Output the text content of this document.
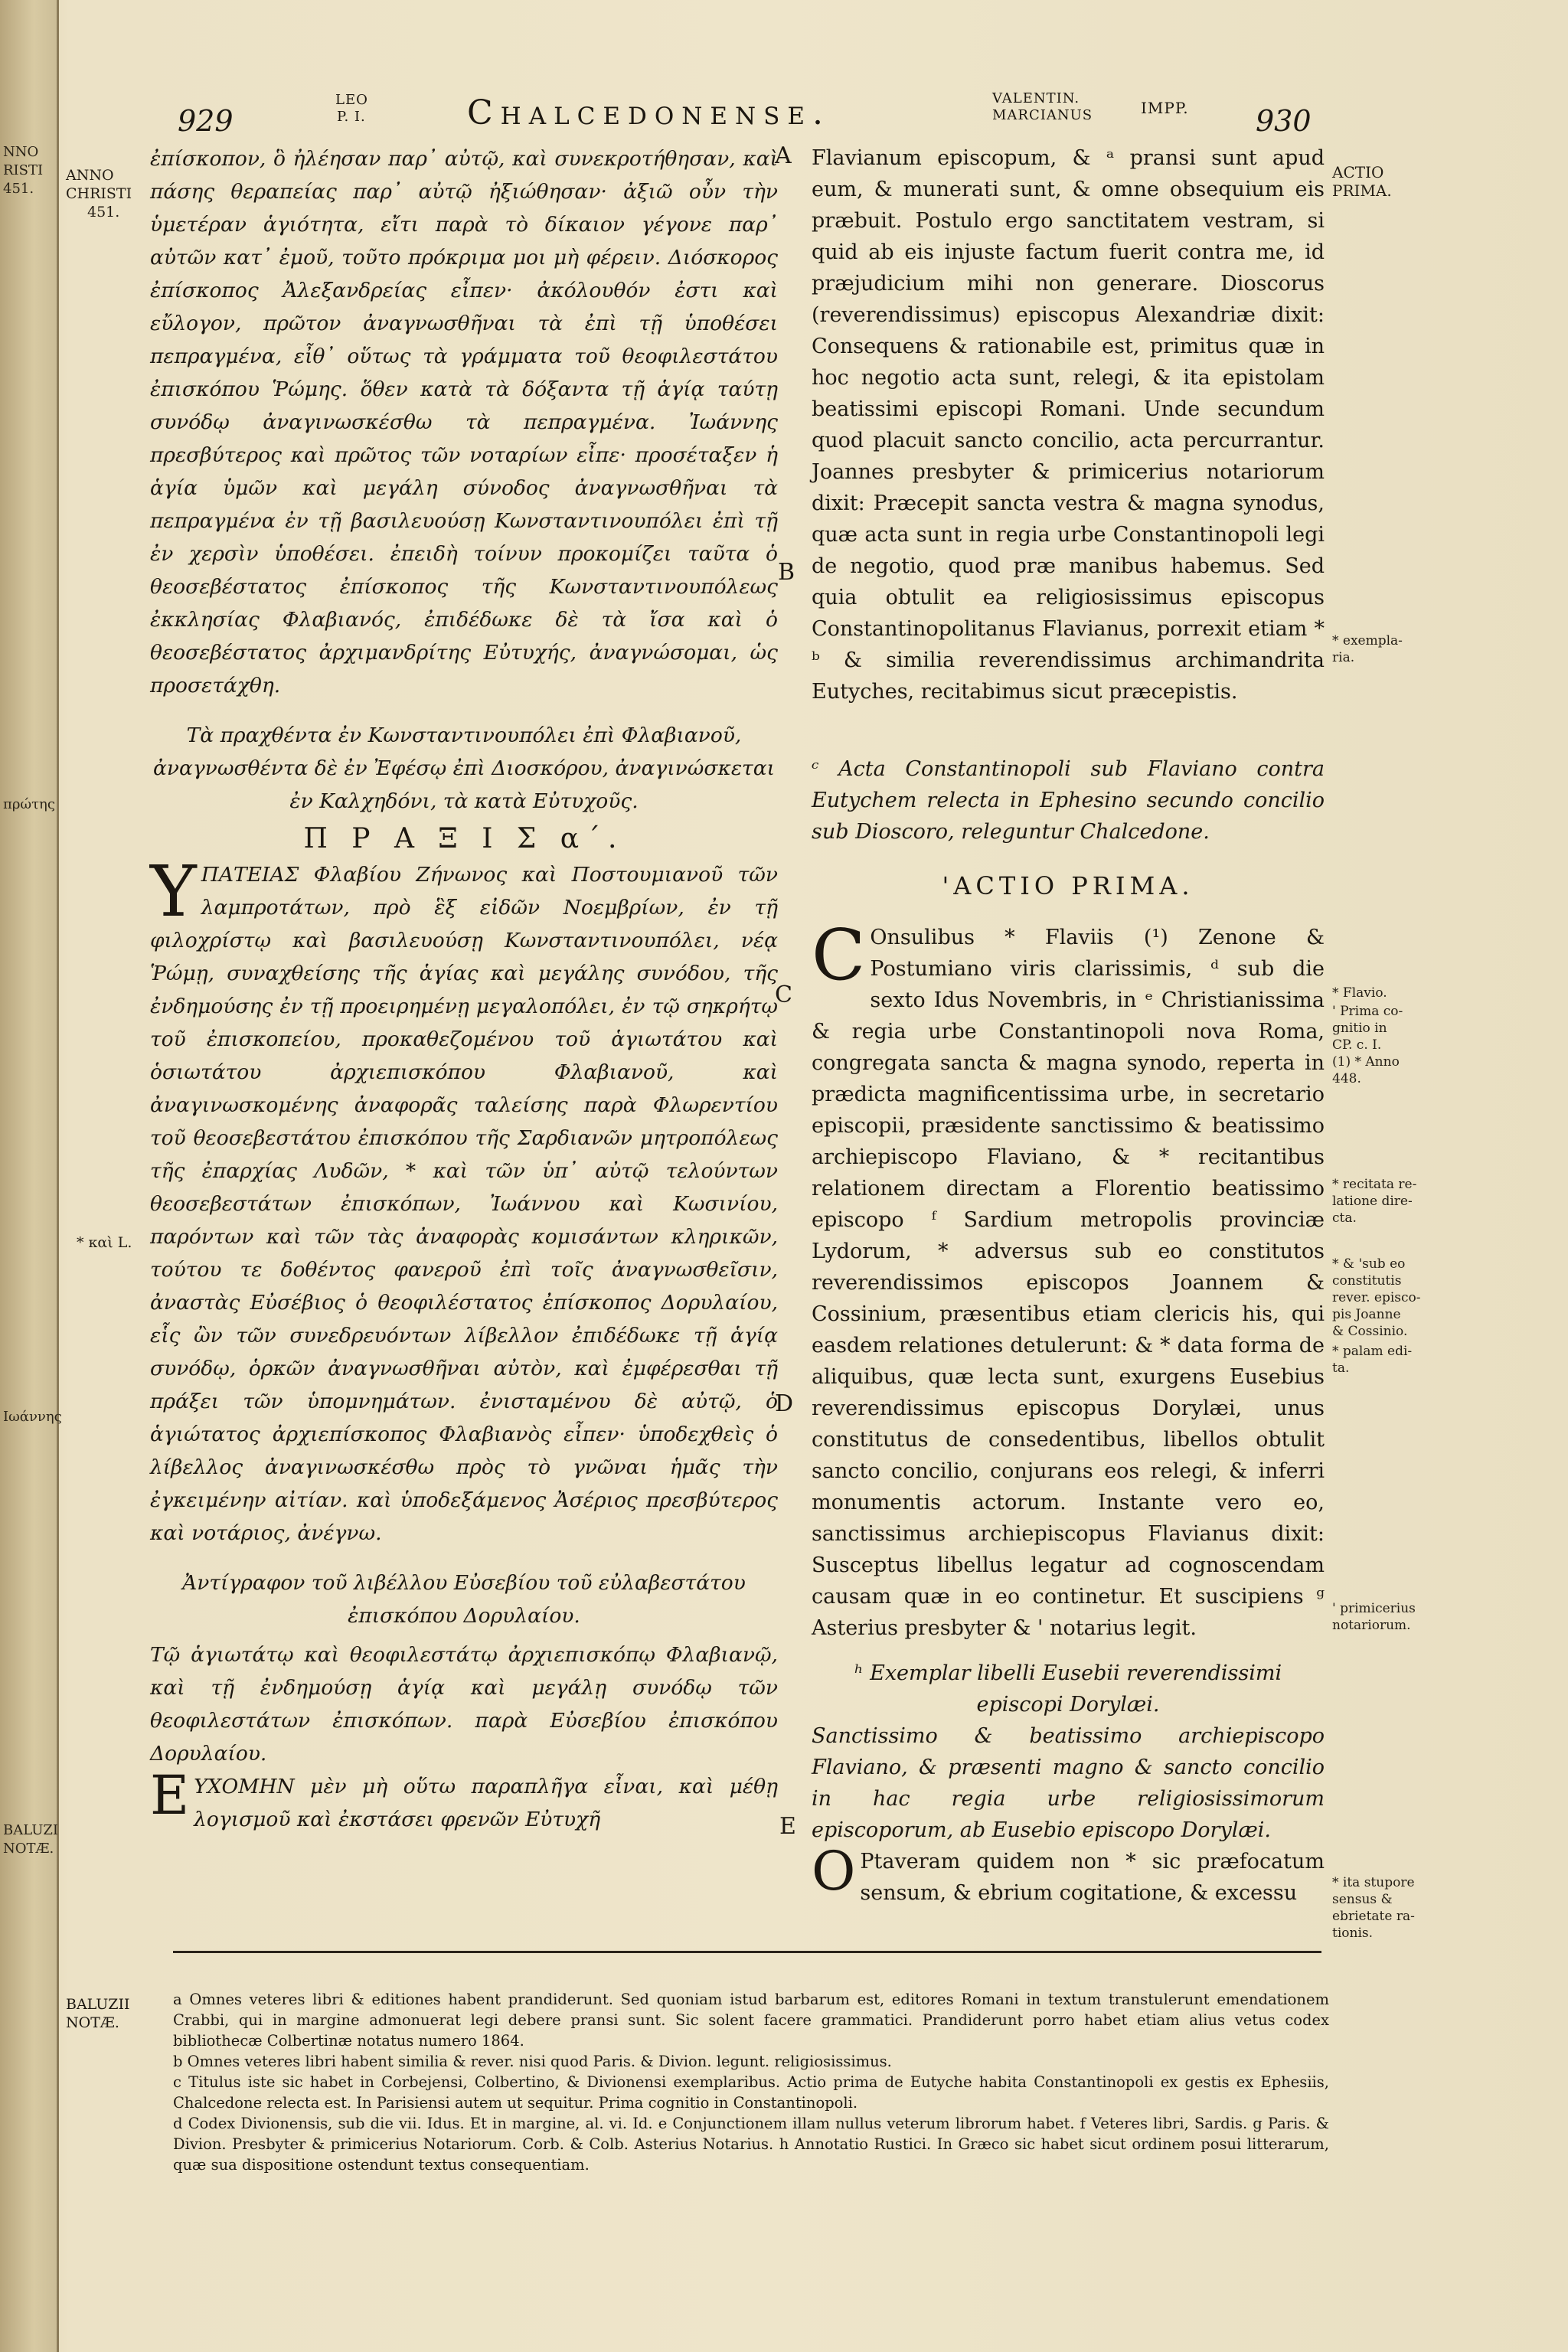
NNO
RISTI
451.
πρώτης
Ιωάννης
BALUZI
NOTÆ.
929
LEO
P. I.	Chalcedonense.	VALENTIN.
MARCIANUS	IMPP. 930
ANNO
CHRISTI
451.
* καὶ L.
A
B
C
D
E

ἐπίσκοπον, ὃ ἠλέησαν παρ᾽ αὐτῷ, καὶ συνεκροτήθησαν, καὶ πάσης θεραπείας παρ᾽ αὐτῷ ἠξιώθησαν· ἀξιῶ οὖν τὴν ὑμετέραν ἁγιότητα, εἴτι παρὰ τὸ δίκαιον γέγονε παρ᾽ αὐτῶν κατ᾽ ἐμοῦ, τοῦτο πρόκριμα μοι μὴ φέρειν. Διόσκορος ἐπίσκοπος Ἀλεξανδρείας εἶπεν· ἀκόλουθόν ἐστι καὶ εὔλογον, πρῶτον ἀναγνωσθῆναι τὰ ἐπὶ τῇ ὑποθέσει πεπραγμένα, εἶθ᾽ οὕτως τὰ γράμματα τοῦ θεοφιλεστάτου ἐπισκόπου Ῥώμης. ὅθεν κατὰ τὰ δόξαντα τῇ ἁγίᾳ ταύτῃ συνόδῳ ἀναγινωσκέσθω τὰ πεπραγμένα. Ἰωάννης πρεσβύτερος καὶ πρῶτος τῶν νοταρίων εἶπε· προσέταξεν ἡ ἁγία ὑμῶν καὶ μεγάλη σύνοδος ἀναγνωσθῆναι τὰ πεπραγμένα ἐν τῇ βασιλευούσῃ Κωνσταντινουπόλει ἐπὶ τῇ ἐν χερσὶν ὑποθέσει. ἐπειδὴ τοίνυν προκομίζει ταῦτα ὁ θεοσεβέστατος ἐπίσκοπος τῆς Κωνσταντινουπόλεως ἐκκλησίας Φλαβιανός, ἐπιδέδωκε δὲ τὰ ἴσα καὶ ὁ θεοσεβέστατος ἀρχιμανδρίτης Εὐτυχής, ἀναγνώσομαι, ὡς προσετάχθη.

Τὰ πραχθέντα ἐν Κωνσταντινουπόλει ἐπὶ Φλαβιανοῦ, ἀναγνωσθέντα δὲ ἐν Ἐφέσῳ ἐπὶ Διοσκόρου, ἀναγινώσκεται ἐν Καλχηδόνι, τὰ κατὰ Εὐτυχοῦς.

Π Ρ Α Ξ Ι Σ α΄.

ΥΠΑΤΕΙΑΣ Φλαβίου Ζήνωνος καὶ Ποστουμιανοῦ τῶν λαμπροτάτων, πρὸ ἓξ εἰδῶν Νοεμβρίων, ἐν τῇ φιλοχρίστῳ καὶ βασιλευούσῃ Κωνσταντινουπόλει, νέᾳ Ῥώμῃ, συναχθείσης τῆς ἁγίας καὶ μεγάλης συνόδου, τῆς ἐνδημούσης ἐν τῇ προειρημένῃ μεγαλοπόλει, ἐν τῷ σηκρήτῳ τοῦ ἐπισκοπείου, προκαθεζομένου τοῦ ἁγιωτάτου καὶ ὁσιωτάτου ἀρχιεπισκόπου Φλαβιανοῦ, καὶ ἀναγινωσκομένης ἀναφορᾶς ταλείσης παρὰ Φλωρεντίου τοῦ θεοσεβεστάτου ἐπισκόπου τῆς Σαρδιανῶν μητροπόλεως τῆς ἐπαρχίας Λυδῶν, * καὶ τῶν ὑπ᾽ αὐτῷ τελούντων θεοσεβεστάτων ἐπισκόπων, Ἰωάννου καὶ Κωσινίου, παρόντων καὶ τῶν τὰς ἀναφορὰς κομισάντων κληρικῶν, τούτου τε δοθέντος φανεροῦ ἐπὶ τοῖς ἀναγνωσθεῖσιν, ἀναστὰς Εὐσέβιος ὁ θεοφιλέστατος ἐπίσκοπος Δορυλαίου, εἷς ὢν τῶν συνεδρευόντων λίβελλον ἐπιδέδωκε τῇ ἁγίᾳ συνόδῳ, ὁρκῶν ἀναγνωσθῆναι αὐτὸν, καὶ ἐμφέρεσθαι τῇ πράξει τῶν ὑπομνημάτων. ἐνισταμένου δὲ αὐτῷ, ὁ ἁγιώτατος ἀρχιεπίσκοπος Φλαβιανὸς εἶπεν· ὑποδεχθεὶς ὁ λίβελλος ἀναγινωσκέσθω πρὸς τὸ γνῶναι ἡμᾶς τὴν ἐγκειμένην αἰτίαν. καὶ ὑποδεξάμενος Ἀσέριος πρεσβύτερος καὶ νοτάριος, ἀνέγνω.

Ἀντίγραφον τοῦ λιβέλλου Εὐσεβίου τοῦ εὐλαβεστάτου ἐπισκόπου Δορυλαίου.

Τῷ ἁγιωτάτῳ καὶ θεοφιλεστάτῳ ἀρχιεπισκόπῳ Φλαβιανῷ, καὶ τῇ ἐνδημούσῃ ἁγίᾳ καὶ μεγάλῃ συνόδῳ τῶν θεοφιλεστάτων ἐπισκόπων. παρὰ Εὐσεβίου ἐπισκόπου Δορυλαίου.

ΕΥΧΟΜΗΝ μὲν μὴ οὕτω παραπλῆγα εἶναι, καὶ μέθῃ λογισμοῦ καὶ ἐκστάσει φρενῶν Εὐτυχῆ

Flavianum episcopum, & ᵃ pransi sunt apud eum, & munerati sunt, & omne obsequium eis præbuit. Postulo ergo sanctitatem vestram, si quid ab eis injuste factum fuerit contra me, id præjudicium mihi non generare. Dioscorus (reverendissimus) episcopus Alexandriæ dixit: Consequens & rationabile est, primitus quæ in hoc negotio acta sunt, relegi, & ita epistolam beatissimi episcopi Romani. Unde secundum quod placuit sancto concilio, acta percurrantur. Joannes presbyter & primicerius notariorum dixit: Præcepit sancta vestra & magna synodus, quæ acta sunt in regia urbe Constantinopoli legi de negotio, quod præ manibus habemus. Sed quia obtulit ea religiosissimus episcopus Constantinopolitanus Flavianus, porrexit etiam * ᵇ & similia reverendissimus archimandrita Eutyches, recitabimus sicut præcepistis.

ᶜ Acta Constantinopoli sub Flaviano contra Eutychem relecta in Ephesino secundo concilio sub Dioscoro, releguntur Chalcedone.

'ACTIO PRIMA.

C Onsulibus * Flaviis (¹) Zenone & Postumiano viris clarissimis, ᵈ sub die sexto Idus Novembris, in ᵉ Christianissima & regia urbe Constantinopoli nova Roma, congregata sancta & magna synodo, reperta in prædicta magnificentissima urbe, in secretario episcopii, præsidente sanctissimo & beatissimo archiepiscopo Flaviano, & * recitantibus relationem directam a Florentio beatissimo episcopo ᶠ Sardium metropolis provinciæ Lydorum, * adversus sub eo constitutos reverendissimos episcopos Joannem & Cossinium, præsentibus etiam clericis his, qui easdem relationes detulerunt: & * data forma de aliquibus, quæ lecta sunt, exurgens Eusebius reverendissimus episcopus Dorylæi, unus constitutus de consedentibus, libellos obtulit sancto concilio, conjurans eos relegi, & inferri monumentis actorum. Instante vero eo, sanctissimus archiepiscopus Flavianus dixit: Susceptus libellus legatur ad cognoscendam causam quæ in eo continetur. Et suscipiens ᵍ Asterius presbyter & ' notarius legit.

ʰ Exemplar libelli Eusebii reverendissimi episcopi Dorylæi.

Sanctissimo & beatissimo archiepiscopo Flaviano, & præsenti magno & sancto concilio in hac regia urbe religiosissimorum episcoporum, ab Eusebio episcopo Dorylæi.

O Ptaveram quidem non * sic præfocatum sensum, & ebrium cogitatione, & excessu

ACTIO
PRIMA.
* exempla-
ria.
* Flavio.
' Prima co-
gnitio in
CP. c. I.
(1) * Anno
448.
* recitata re-
latione dire-
cta.
* & 'sub eo
constitutis
rever. episco-
pis Joanne
& Cossinio.
* palam edi-
ta.
' primicerius
notariorum.
* ita stupore
sensus &
ebrietate ra-
tionis.
BALUZII
NOTÆ.

a Omnes veteres libri & editiones habent prandiderunt. Sed quoniam istud barbarum est, editores Romani in textum transtulerunt emendationem Crabbi, qui in margine admonuerat legi debere pransi sunt. Sic solent facere grammatici. Prandiderunt porro habet etiam alius vetus codex bibliothecæ Colbertinæ notatus numero 1864.

b Omnes veteres libri habent similia & rever. nisi quod Paris. & Divion. legunt. religiosissimus.

c Titulus iste sic habet in Corbejensi, Colbertino, & Divionensi exemplaribus. Actio prima de Eutyche habita Constantinopoli ex gestis ex Ephesiis, Chalcedone relecta est. In Parisiensi autem ut sequitur. Prima cognitio in Constantinopoli.

d Codex Divionensis, sub die vii. Idus. Et in margine, al. vi. Id. e Conjunctionem illam nullus veterum librorum habet. f Veteres libri, Sardis. g Paris. & Divion. Presbyter & primicerius Notariorum. Corb. & Colb. Asterius Notarius. h Annotatio Rustici. In Græco sic habet sicut ordinem posui litterarum, quæ sua dispositione ostendunt textus consequentiam.
